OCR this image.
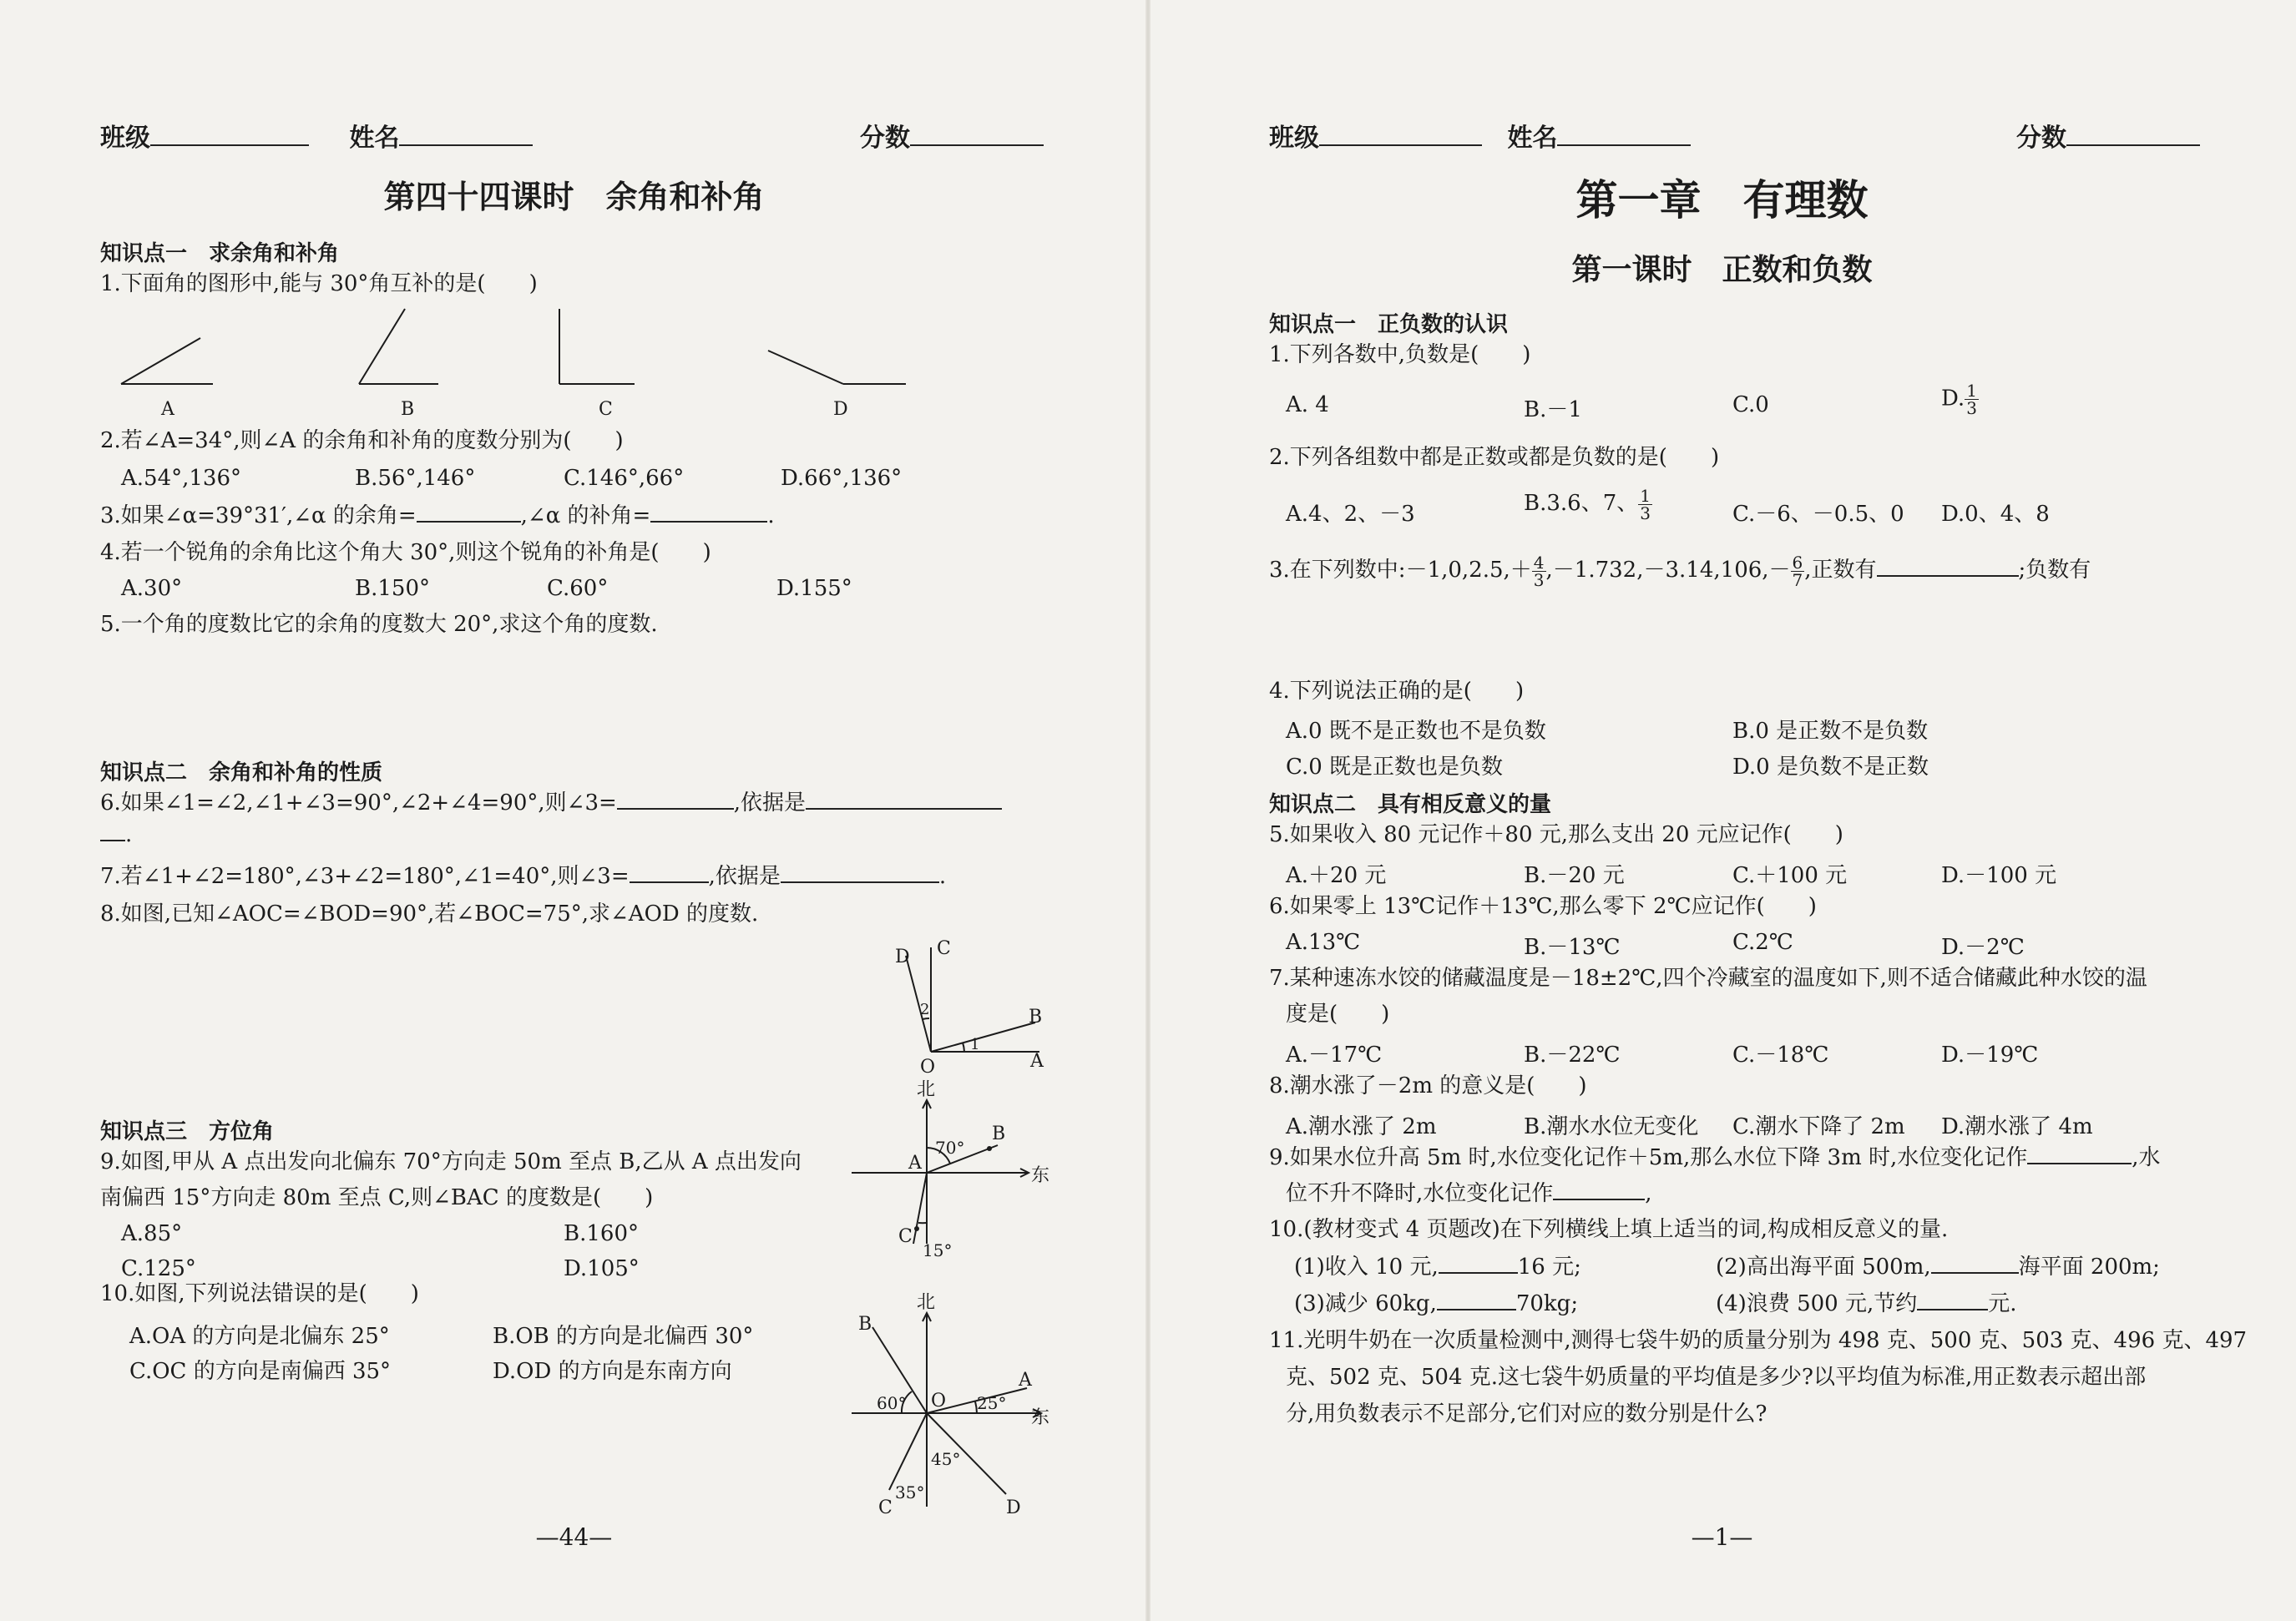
班级	姓名	分数
第四十四课时　余角和补角
知识点一　求余角和补角
1.下面角的图形中,能与 30°角互补的是(　　)
A	B	C	D
2.若∠A=34°,则∠A 的余角和补角的度数分别为(　　)
A.54°,136°	B.56°,146°	C.146°,66°	D.66°,136°
3.如果∠α=39°31′,∠α 的余角=	,∠α 的补角=	.
4.若一个锐角的余角比这个角大 30°,则这个锐角的补角是(　　)
A.30°	B.150°	C.60°	D.155°
5.一个角的度数比它的余角的度数大 20°,求这个角的度数.
知识点二　余角和补角的性质
6.如果∠1=∠2,∠1+∠3=90°,∠2+∠4=90°,则∠3=	,依据是
.
7.若∠1+∠2=180°,∠3+∠2=180°,∠1=40°,则∠3=	,依据是	.
8.如图,已知∠AOC=∠BOD=90°,若∠BOC=75°,求∠AOD 的度数.
D C
B
A
O
2
1
知识点三　方位角
9.如图,甲从 A 点出发向北偏东 70°方向走 50m 至点 B,乙从 A 点出发向
南偏西 15°方向走 80m 至点 C,则∠BAC 的度数是(　　)
A.85°	B.160°
C.125°	D.105°
北
东
A
B
C
70°
15°
10.如图,下列说法错误的是(　　)
A.OA 的方向是北偏东 25°	B.OB 的方向是北偏西 30°
C.OC 的方向是南偏西 35°	D.OD 的方向是东南方向
北
东
B
A
O
C	D
60°	25°
45°
35°
—44—
班级	姓名	分数
第一章　有理数
第一课时　正数和负数
知识点一　正负数的认识
1.下列各数中,负数是(　　)
A. 4	B.－1	C.0	D. $\frac{1}{3}$
2.下列各组数中都是正数或都是负数的是(　　)
A.4、2、－3	B.3.6、7、 $\frac{1}{3}$	C.－6、－0.5、0 D.0、4、8
3.在下列数中:－1,0,2.5,＋ $\frac{4}{3} ,-1.732,-3.14,106,- \frac{6}{7}$ ,正数有	;负数有
4.下列说法正确的是(　　)
A.0 既不是正数也不是负数	B.0 是正数不是负数
C.0 既是正数也是负数	D.0 是负数不是正数
知识点二　具有相反意义的量
5.如果收入 80 元记作＋80 元,那么支出 20 元应记作(　　)
A.＋20 元	B.－20 元	C.＋100 元	D.－100 元
6.如果零上 13℃记作＋13℃,那么零下 2℃应记作(　　)
A.13℃	B.－13℃	C.2℃	D.－2℃
7.某种速冻水饺的储藏温度是－18±2℃,四个冷藏室的温度如下,则不适合储藏此种水饺的温
度是(　　)
A.－17℃	B.－22℃	C.－18℃	D.－19℃
8.潮水涨了－2m 的意义是(　　)
A.潮水涨了 2m	B.潮水水位无变化 C.潮水下降了 2m D.潮水涨了 4m
9.如果水位升高 5m 时,水位变化记作＋5m,那么水位下降 3m 时,水位变化记作	,水
位不升不降时,水位变化记作	,
10.(教材变式 4 页题改)在下列横线上填上适当的词,构成相反意义的量.
(1)收入 10 元,	16 元;	(2)高出海平面 500m,	海平面 200m;
(3)减少 60kg,	70kg;	(4)浪费 500 元,节约	元.
11.光明牛奶在一次质量检测中,测得七袋牛奶的质量分别为 498 克、500 克、503 克、496 克、497
克、502 克、504 克.这七袋牛奶质量的平均值是多少?以平均值为标准,用正数表示超出部
分,用负数表示不足部分,它们对应的数分别是什么?
—1—
